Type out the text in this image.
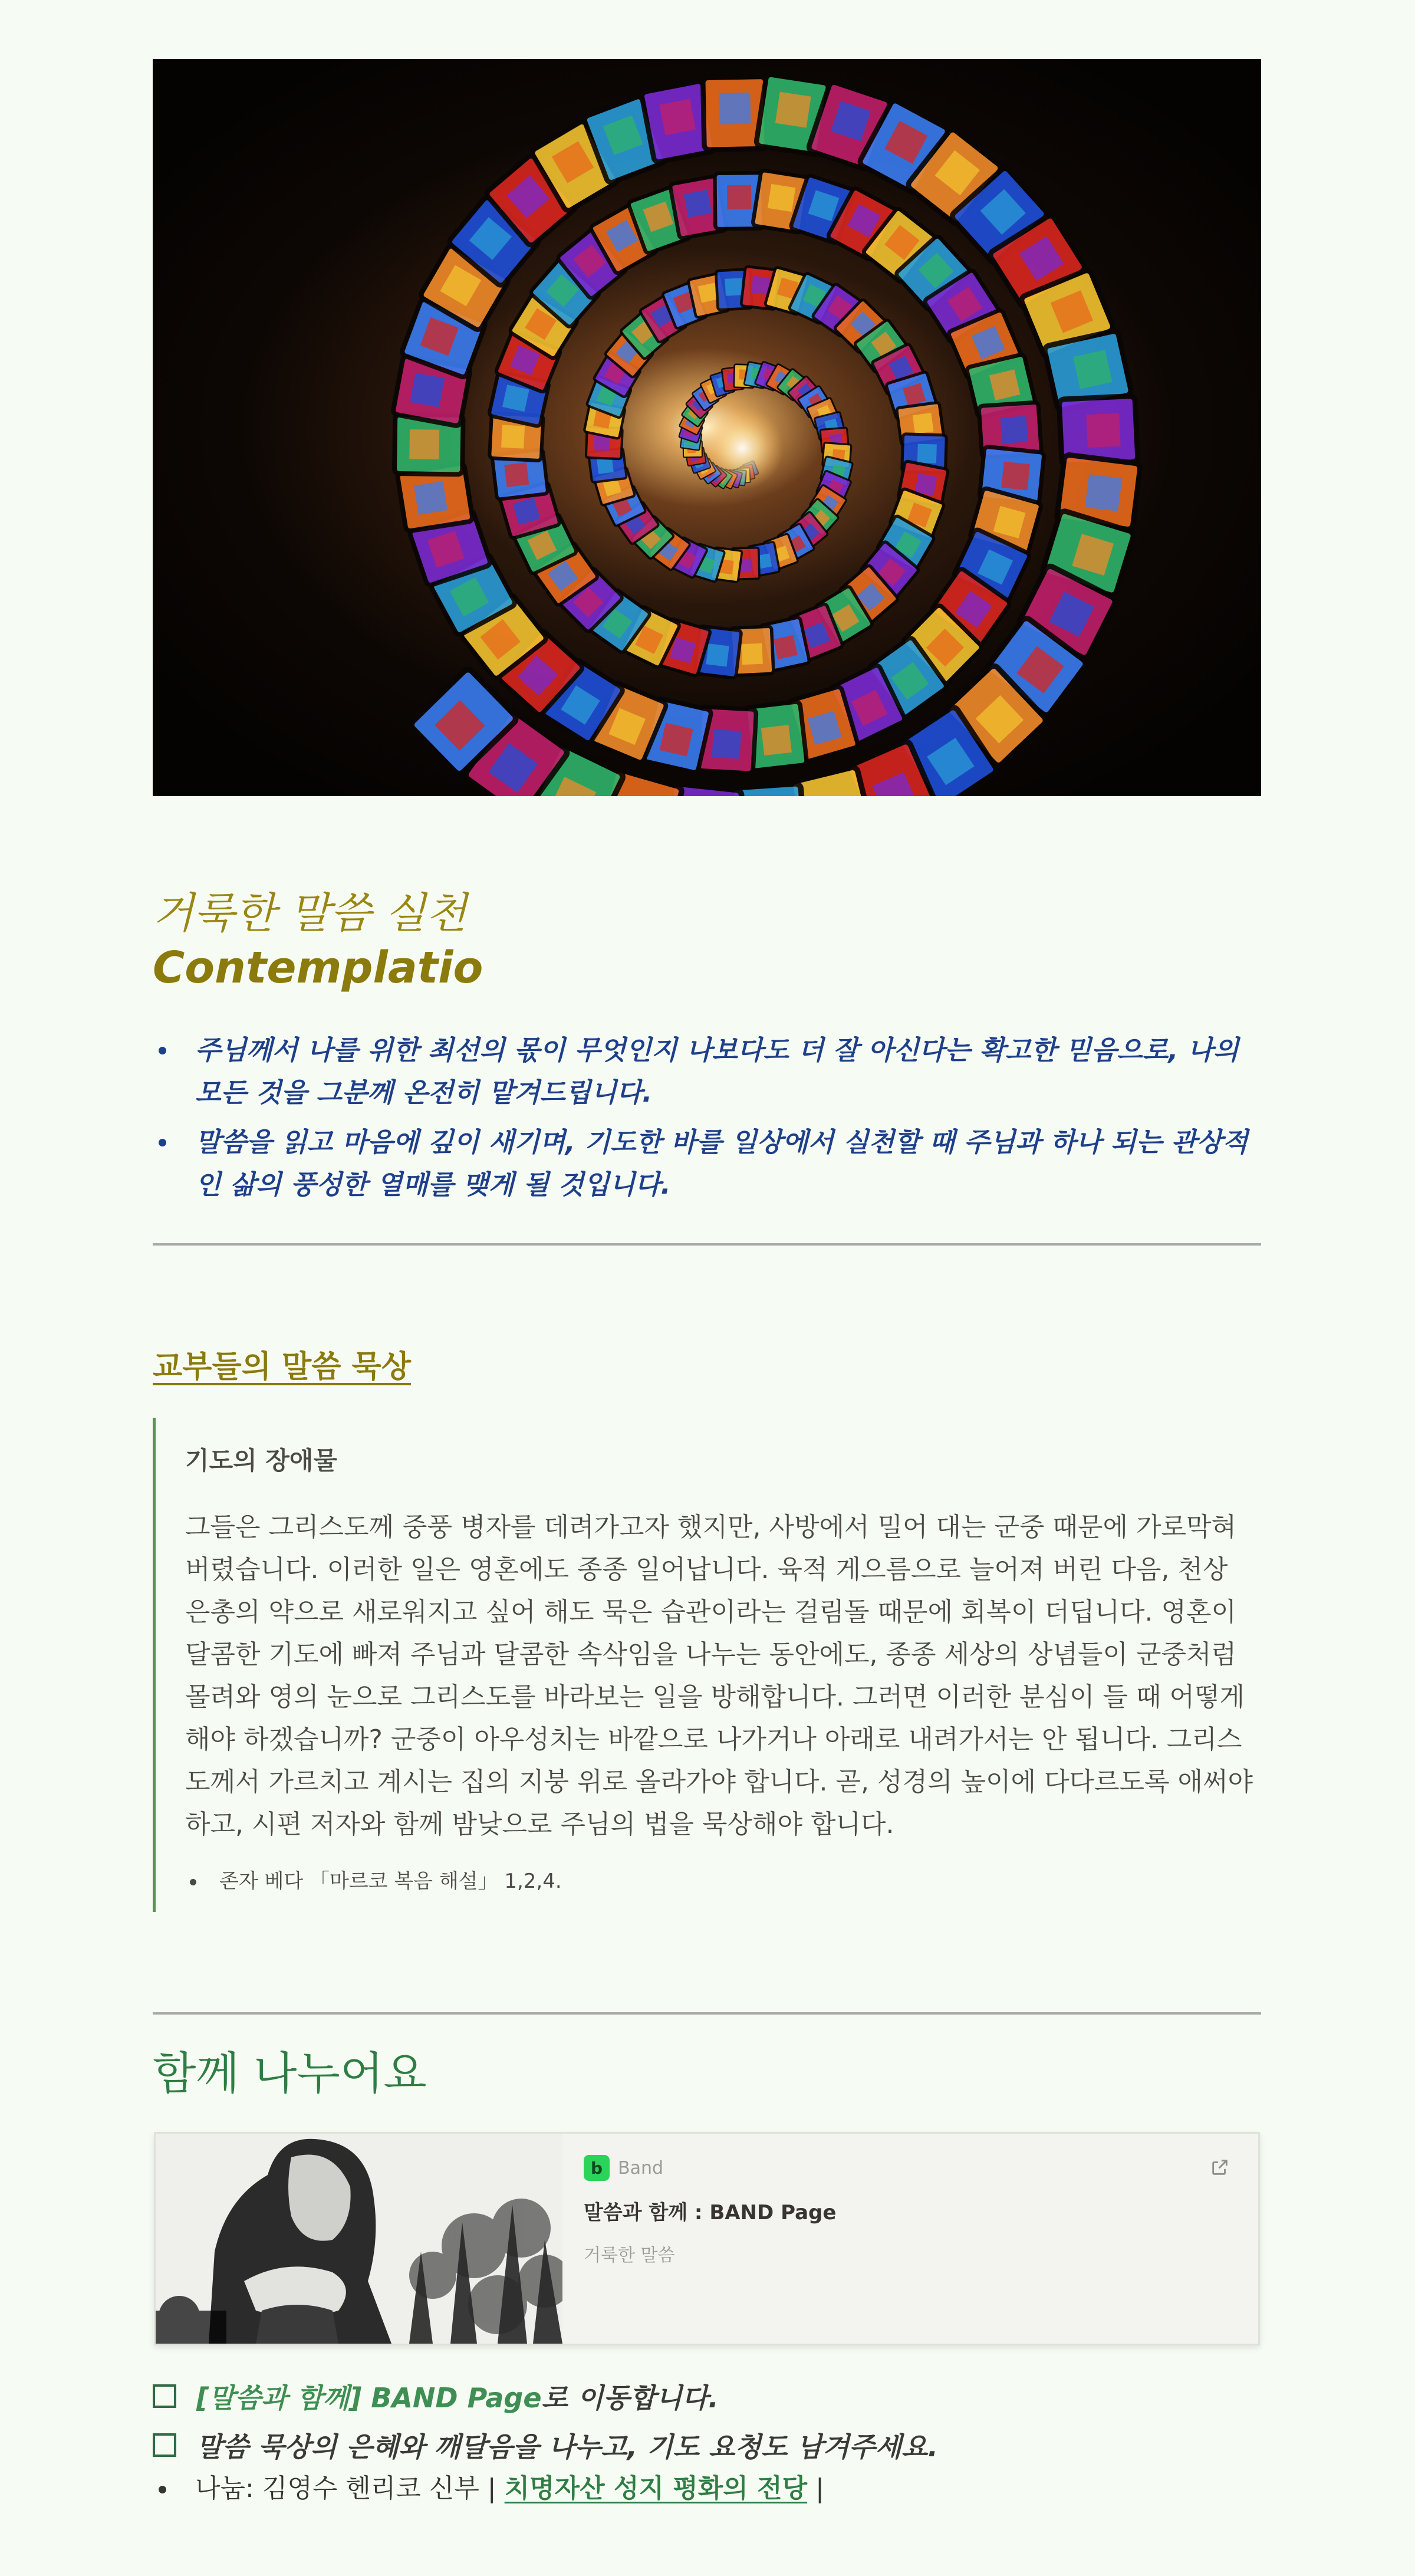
거룩한 말씀 실천
Contemplatio
주님께서 나를 위한 최선의 몫이 무엇인지 나보다도 더 잘 아신다는 확고한 믿음으로, 나의 모든 것을 그분께 온전히 맡겨드립니다.
말씀을 읽고 마음에 깊이 새기며, 기도한 바를 일상에서 실천할 때 주님과 하나 되는 관상적인 삶의 풍성한 열매를 맺게 될 것입니다.
교부들의 말씀 묵상
기도의 장애물

그들은 그리스도께 중풍 병자를 데려가고자 했지만, 사방에서 밀어 대는 군중 때문에 가로막혀 버렸습니다. 이러한 일은 영혼에도 종종 일어납니다. 육적 게으름으로 늘어져 버린 다음, 천상 은총의 약으로 새로워지고 싶어 해도 묵은 습관이라는 걸림돌 때문에 회복이 더딥니다. 영혼이 달콤한 기도에 빠져 주님과 달콤한 속삭임을 나누는 동안에도, 종종 세상의 상념들이 군중처럼 몰려와 영의 눈으로 그리스도를 바라보는 일을 방해합니다. 그러면 이러한 분심이 들 때 어떻게 해야 하겠습니까? 군중이 아우성치는 바깥으로 나가거나 아래로 내려가서는 안 됩니다. 그리스도께서 가르치고 계시는 집의 지붕 위로 올라가야 합니다. 곧, 성경의 높이에 다다르도록 애써야 하고, 시편 저자와 함께 밤낮으로 주님의 법을 묵상해야 합니다.

존자 베다 「마르코 복음 해설」 1,2,4.
함께 나누어요
b Band
말씀과 함께 : BAND Page
거룩한 말씀
[말씀과 함께] BAND Page로 이동합니다.
말씀 묵상의 은혜와 깨달음을 나누고, 기도 요청도 남겨주세요.
나눔: 김영수 헨리코 신부 | 치명자산 성지 평화의 전당 |
